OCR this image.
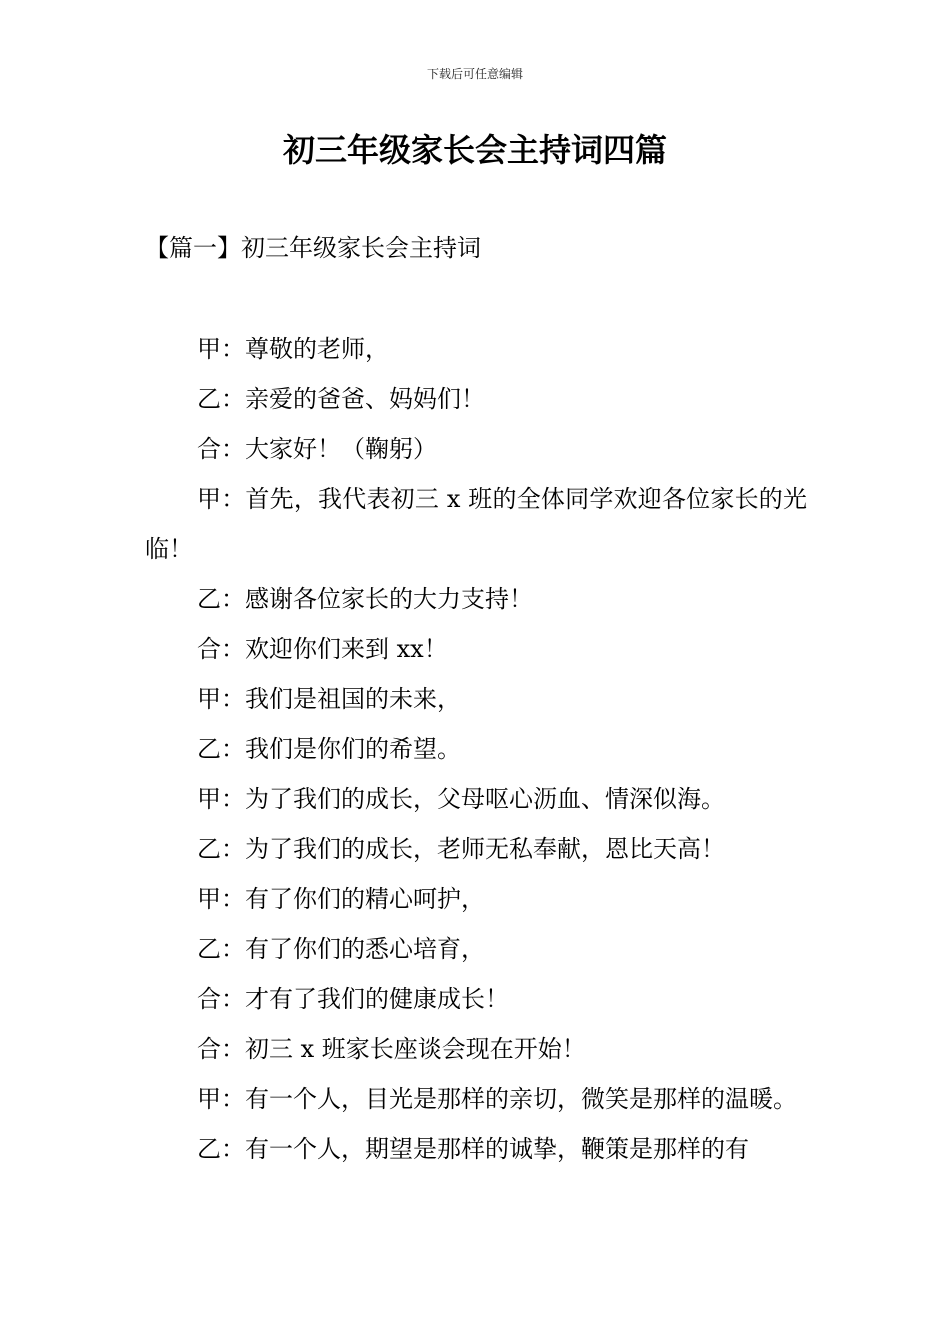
下载后可任意编辑
初三年级家长会主持词四篇
【篇一】初三年级家长会主持词

甲：尊敬的老师，

乙：亲爱的爸爸、妈妈们！

合：大家好！（鞠躬）

甲：首先，我代表初三 x 班的全体同学欢迎各位家长的光临！

乙：感谢各位家长的大力支持！

合：欢迎你们来到 xx！

甲：我们是祖国的未来，

乙：我们是你们的希望。

甲：为了我们的成长，父母呕心沥血、情深似海。

乙：为了我们的成长，老师无私奉献，恩比天高！

甲：有了你们的精心呵护，

乙：有了你们的悉心培育，

合：才有了我们的健康成长！

合：初三 x 班家长座谈会现在开始！

甲：有一个人，目光是那样的亲切，微笑是那样的温暖。

乙：有一个人，期望是那样的诚挚，鞭策是那样的有
